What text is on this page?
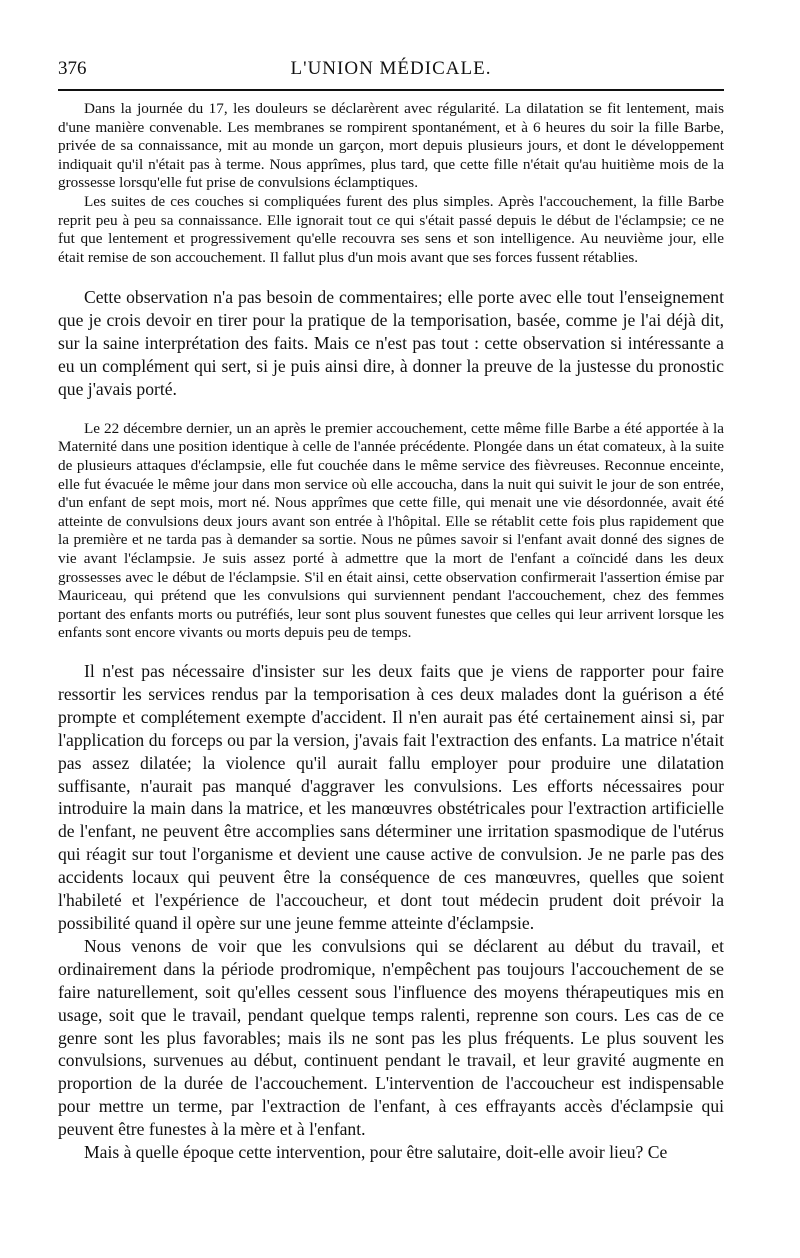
376	L'UNION MÉDICALE.

Dans la journée du 17, les douleurs se déclarèrent avec régularité. La dilatation se fit lentement, mais d'une manière convenable. Les membranes se rompirent spontanément, et à 6 heures du soir la fille Barbe, privée de sa connaissance, mit au monde un garçon, mort depuis plusieurs jours, et dont le développement indiquait qu'il n'était pas à terme. Nous apprîmes, plus tard, que cette fille n'était qu'au huitième mois de la grossesse lorsqu'elle fut prise de convulsions éclamptiques.

Les suites de ces couches si compliquées furent des plus simples. Après l'accouchement, la fille Barbe reprit peu à peu sa connaissance. Elle ignorait tout ce qui s'était passé depuis le début de l'éclampsie; ce ne fut que lentement et progressivement qu'elle recouvra ses sens et son intelligence. Au neuvième jour, elle était remise de son accouchement. Il fallut plus d'un mois avant que ses forces fussent rétablies.

Cette observation n'a pas besoin de commentaires; elle porte avec elle tout l'enseignement que je crois devoir en tirer pour la pratique de la temporisation, basée, comme je l'ai déjà dit, sur la saine interprétation des faits. Mais ce n'est pas tout : cette observation si intéressante a eu un complément qui sert, si je puis ainsi dire, à donner la preuve de la justesse du pronostic que j'avais porté.

Le 22 décembre dernier, un an après le premier accouchement, cette même fille Barbe a été apportée à la Maternité dans une position identique à celle de l'année précédente. Plongée dans un état comateux, à la suite de plusieurs attaques d'éclampsie, elle fut couchée dans le même service des fièvreuses. Reconnue enceinte, elle fut évacuée le même jour dans mon service où elle accoucha, dans la nuit qui suivit le jour de son entrée, d'un enfant de sept mois, mort né. Nous apprîmes que cette fille, qui menait une vie désordonnée, avait été atteinte de convulsions deux jours avant son entrée à l'hôpital. Elle se rétablit cette fois plus rapidement que la première et ne tarda pas à demander sa sortie. Nous ne pûmes savoir si l'enfant avait donné des signes de vie avant l'éclampsie. Je suis assez porté à admettre que la mort de l'enfant a coïncidé dans les deux grossesses avec le début de l'éclampsie. S'il en était ainsi, cette observation confirmerait l'assertion émise par Mauriceau, qui prétend que les convulsions qui surviennent pendant l'accouchement, chez des femmes portant des enfants morts ou putréfiés, leur sont plus souvent funestes que celles qui leur arrivent lorsque les enfants sont encore vivants ou morts depuis peu de temps.

Il n'est pas nécessaire d'insister sur les deux faits que je viens de rapporter pour faire ressortir les services rendus par la temporisation à ces deux malades dont la guérison a été prompte et complétement exempte d'accident. Il n'en aurait pas été certainement ainsi si, par l'application du forceps ou par la version, j'avais fait l'extraction des enfants. La matrice n'était pas assez dilatée; la violence qu'il aurait fallu employer pour produire une dilatation suffisante, n'aurait pas manqué d'aggraver les convulsions. Les efforts nécessaires pour introduire la main dans la matrice, et les manœuvres obstétricales pour l'extraction artificielle de l'enfant, ne peuvent être accomplies sans déterminer une irritation spasmodique de l'utérus qui réagit sur tout l'organisme et devient une cause active de convulsion. Je ne parle pas des accidents locaux qui peuvent être la conséquence de ces manœuvres, quelles que soient l'habileté et l'expérience de l'accoucheur, et dont tout médecin prudent doit prévoir la possibilité quand il opère sur une jeune femme atteinte d'éclampsie.

Nous venons de voir que les convulsions qui se déclarent au début du travail, et ordinairement dans la période prodromique, n'empêchent pas toujours l'accouchement de se faire naturellement, soit qu'elles cessent sous l'influence des moyens thérapeutiques mis en usage, soit que le travail, pendant quelque temps ralenti, reprenne son cours. Les cas de ce genre sont les plus favorables; mais ils ne sont pas les plus fréquents. Le plus souvent les convulsions, survenues au début, continuent pendant le travail, et leur gravité augmente en proportion de la durée de l'accouchement. L'intervention de l'accoucheur est indispensable pour mettre un terme, par l'extraction de l'enfant, à ces effrayants accès d'éclampsie qui peuvent être funestes à la mère et à l'enfant.

Mais à quelle époque cette intervention, pour être salutaire, doit-elle avoir lieu? Ce
